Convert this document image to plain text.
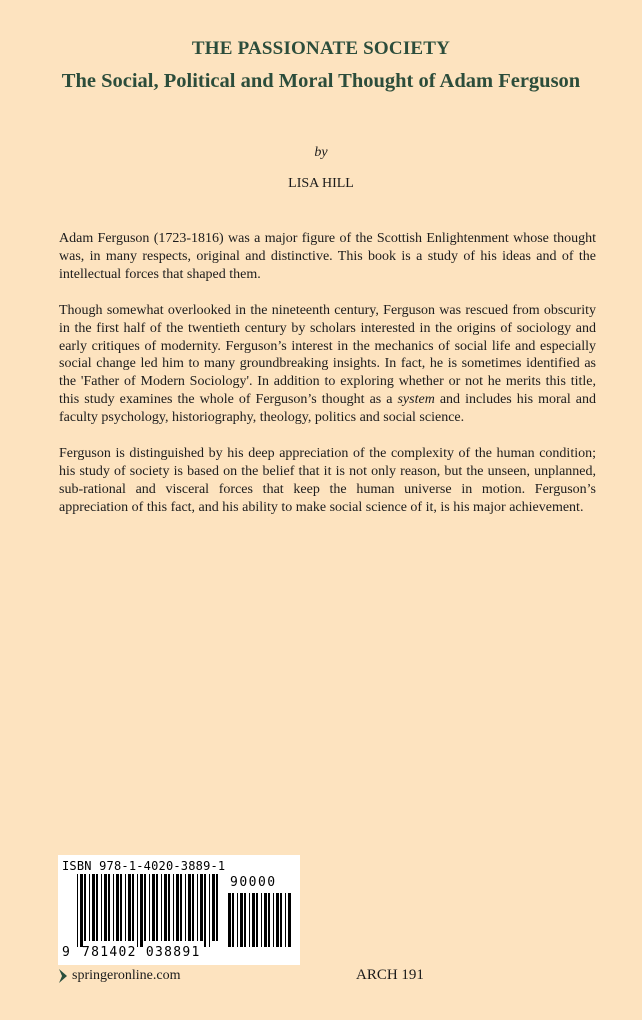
THE PASSIONATE SOCIETY
The Social, Political and Moral Thought of Adam Ferguson
by
LISA HILL

Adam Ferguson (1723-1816) was a major figure of the Scottish Enlightenment whose thought was, in many respects, original and distinctive. This book is a study of his ideas and of the intellectual forces that shaped them.

Though somewhat overlooked in the nineteenth century, Ferguson was rescued from obscurity in the first half of the twentieth century by scholars interested in the origins of sociology and early critiques of modernity. Ferguson’s interest in the mechanics of social life and especially social change led him to many groundbreaking insights. In fact, he is sometimes identified as the 'Father of Modern Sociology'. In addition to exploring whether or not he merits this title, this study examines the whole of Ferguson’s thought as a system and includes his moral and faculty psychology, historiography, theology, politics and social science.

Ferguson is distinguished by his deep appreciation of the complexity of the human condition; his study of society is based on the belief that it is not only reason, but the unseen, unplanned, sub-rational and visceral forces that keep the human universe in motion. Ferguson’s appreciation of this fact, and his ability to make social science of it, is his major achievement.

ISBN 978-1-4020-3889-1
90000
9 781402 038891
springeronline.com	ARCH 191
